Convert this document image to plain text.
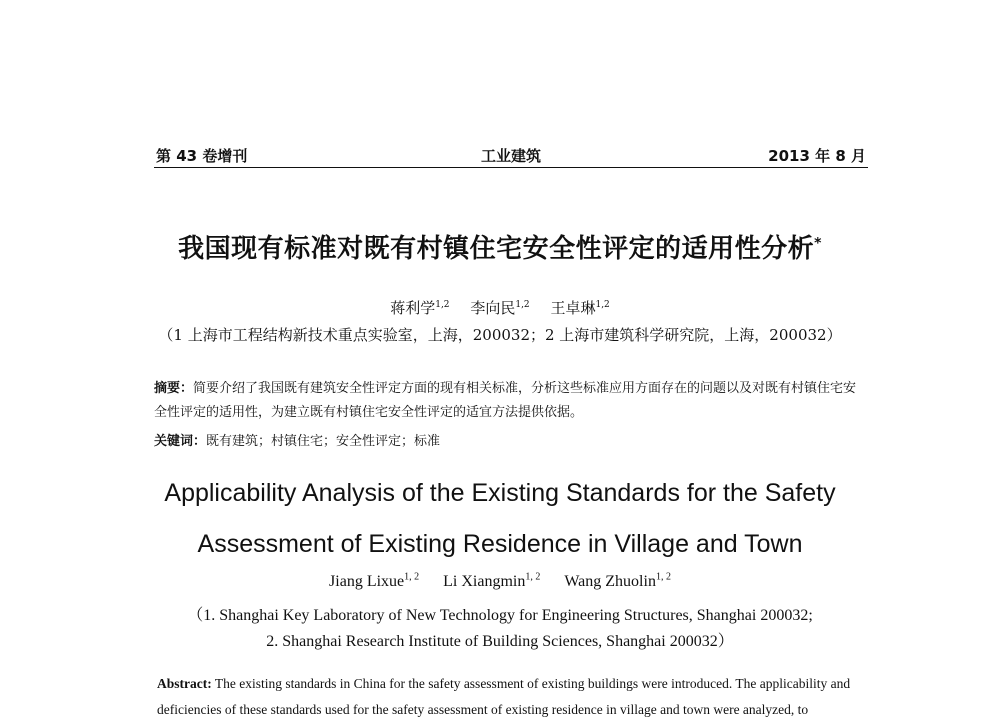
第 43 卷增刊	工业建筑	2013 年 8 月
我国现有标准对既有村镇住宅安全性评定的适用性分析*
蒋利学$^{1,2}$ 李向民$^{1,2}$ 王卓琳$^{1,2}$
（1 上海市工程结构新技术重点实验室，上海，200032；2 上海市建筑科学研究院，上海，200032）
摘要：简要介绍了我国既有建筑安全性评定方面的现有相关标准，分析这些标准应用方面存在的问题以及对既有村镇住宅安全性评定的适用性，为建立既有村镇住宅安全性评定的适宜方法提供依据。
关键词：既有建筑；村镇住宅；安全性评定；标准
Applicability Analysis of the Existing Standards for the Safety
Assessment of Existing Residence in Village and Town
Jiang Lixue$^{1, 2}$ Li Xiangmin$^{1, 2}$ Wang Zhuolin$^{1, 2}$
（1. Shanghai Key Laboratory of New Technology for Engineering Structures, Shanghai 200032;
2. Shanghai Research Institute of Building Sciences, Shanghai 200032）
Abstract: The existing standards in China for the safety assessment of existing buildings were introduced. The applicability and deficiencies of these standards used for the safety assessment of existing residence in village and town were analyzed, to
